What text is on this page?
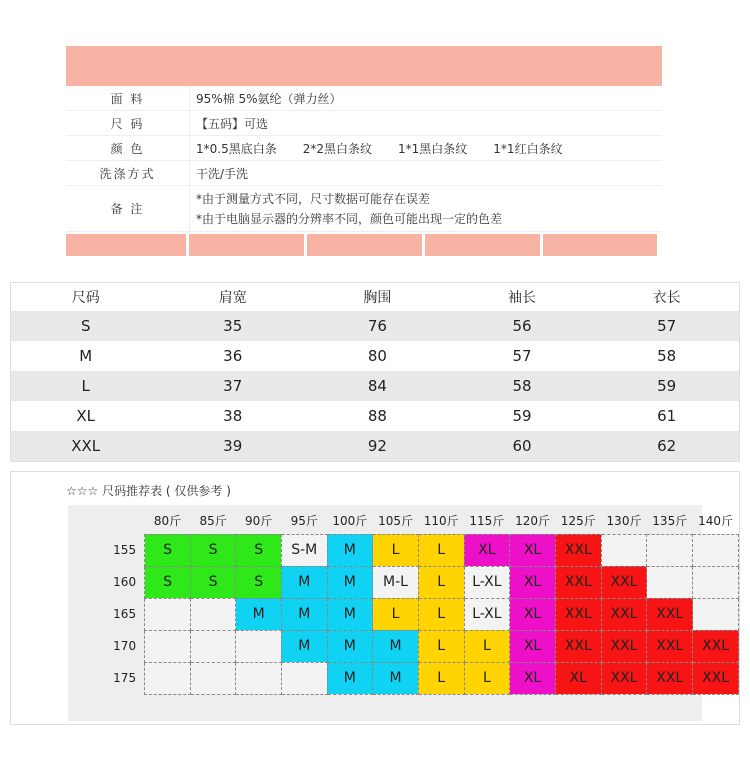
面 料	95%棉 5%氨纶（弹力丝）
尺 码	【五码】可选
颜 色	1*0.5黑底白条 2*2黑白条纹 1*1黑白条纹 1*1红白条纹
洗涤方式	干洗/手洗
备 注
*由于测量方式不同，尺寸数据可能存在误差
*由于电脑显示器的分辨率不同，颜色可能出现一定的色差
尺码	肩宽	胸围	袖长	衣长
S	35	76	56	57
M	36	80	57	58
L	37	84	58	59
XL	38	88	59	61
XXL	39	92	60	62
☆☆☆ 尺码推荐表 ( 仅供参考 )
	80斤	85斤	90斤	95斤	100斤	105斤	110斤	115斤	120斤	125斤	130斤	135斤	140斤
155	S	S	S	S-M	M	L	L	XL	XL	XXL			
160	S	S	S	M	M	M-L	L	L-XL	XL	XXL	XXL		
165			M	M	M	L	L	L-XL	XL	XXL	XXL	XXL	
170				M	M	M	L	L	XL	XXL	XXL	XXL	XXL
175					M	M	L	L	XL	XL	XXL	XXL	XXL
